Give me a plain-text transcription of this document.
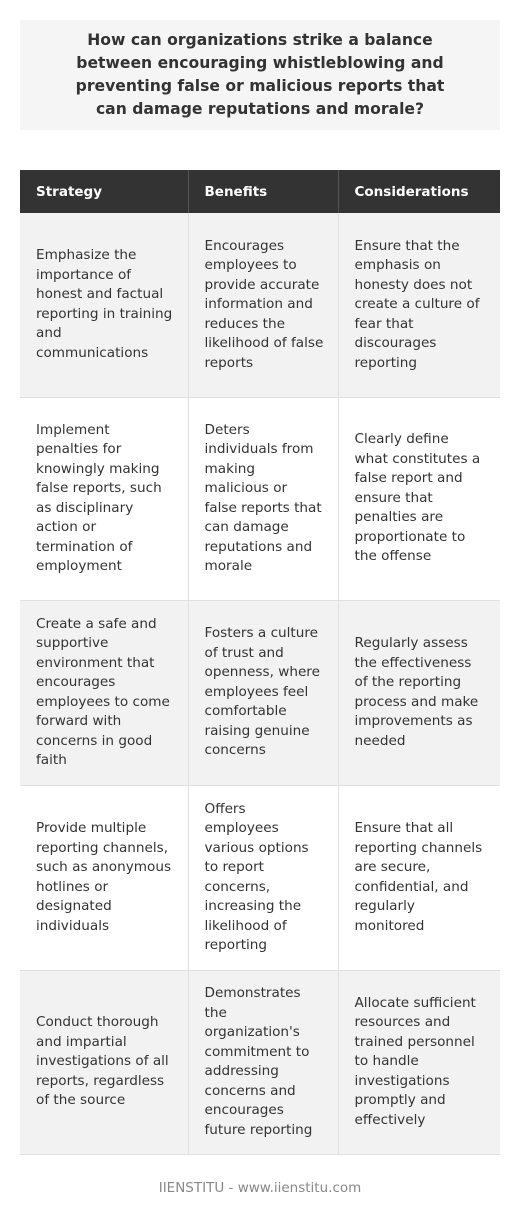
How can organizations strike a balance between encouraging whistleblowing and preventing false or malicious reports that can damage reputations and morale?
Strategy	Benefits	Considerations
Emphasize the importance of honest and factual reporting in training and communications	Encourages employees to provide accurate information and reduces the likelihood of false reports	Ensure that the emphasis on honesty does not create a culture of fear that discourages reporting
Implement penalties for knowingly making false reports, such as disciplinary action or termination of employment	Deters individuals from making malicious or false reports that can damage reputations and morale	Clearly define what constitutes a false report and ensure that penalties are proportionate to the offense
Create a safe and supportive environment that encourages employees to come forward with concerns in good faith	Fosters a culture of trust and openness, where employees feel comfortable raising genuine concerns	Regularly assess the effectiveness of the reporting process and make improvements as needed
Provide multiple reporting channels, such as anonymous hotlines or designated individuals	Offers employees various options to report concerns, increasing the likelihood of reporting	Ensure that all reporting channels are secure, confidential, and regularly monitored
Conduct thorough and impartial investigations of all reports, regardless of the source	Demonstrates the organization's commitment to addressing concerns and encourages future reporting	Allocate sufficient resources and trained personnel to handle investigations promptly and effectively
IIENSTITU - www.iienstitu.com
